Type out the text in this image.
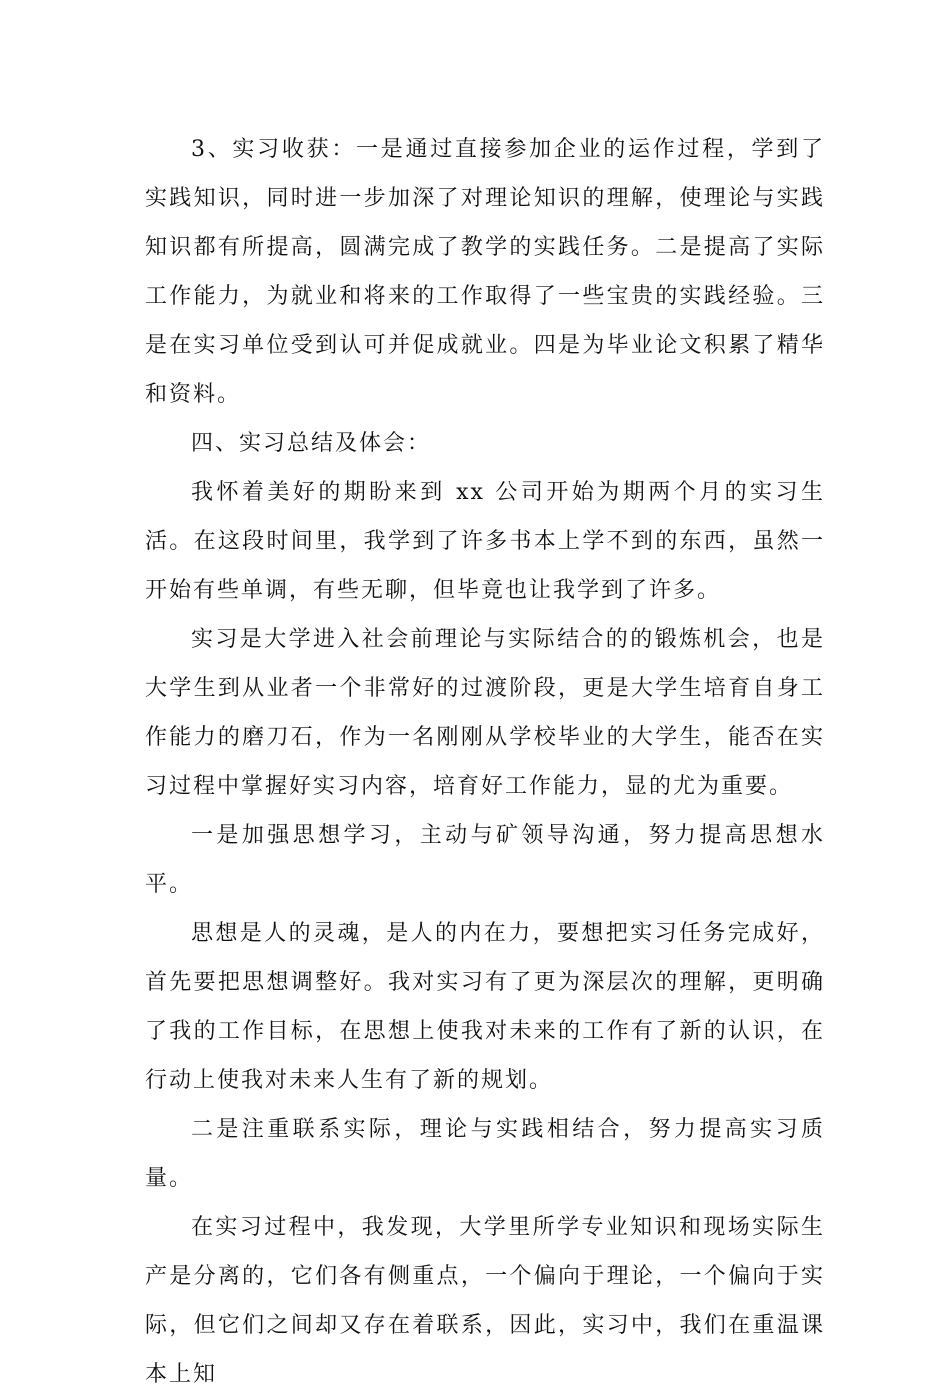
3、实习收获：一是通过直接参加企业的运作过程，学到了实践知识，同时进一步加深了对理论知识的理解，使理论与实践知识都有所提高，圆满完成了教学的实践任务。二是提高了实际工作能力，为就业和将来的工作取得了一些宝贵的实践经验。三是在实习单位受到认可并促成就业。四是为毕业论文积累了精华和资料。

四、实习总结及体会：

我怀着美好的期盼来到 xx 公司开始为期两个月的实习生活。在这段时间里，我学到了许多书本上学不到的东西，虽然一开始有些单调，有些无聊，但毕竟也让我学到了许多。

实习是大学进入社会前理论与实际结合的的锻炼机会，也是大学生到从业者一个非常好的过渡阶段，更是大学生培育自身工作能力的磨刀石，作为一名刚刚从学校毕业的大学生，能否在实习过程中掌握好实习内容，培育好工作能力，显的尤为重要。

一是加强思想学习，主动与矿领导沟通，努力提高思想水平。

思想是人的灵魂，是人的内在力，要想把实习任务完成好，首先要把思想调整好。我对实习有了更为深层次的理解，更明确了我的工作目标，在思想上使我对未来的工作有了新的认识，在行动上使我对未来人生有了新的规划。

二是注重联系实际，理论与实践相结合，努力提高实习质量。

在实习过程中，我发现，大学里所学专业知识和现场实际生产是分离的，它们各有侧重点，一个偏向于理论，一个偏向于实际，但它们之间却又存在着联系，因此，实习中，我们在重温课本上知
